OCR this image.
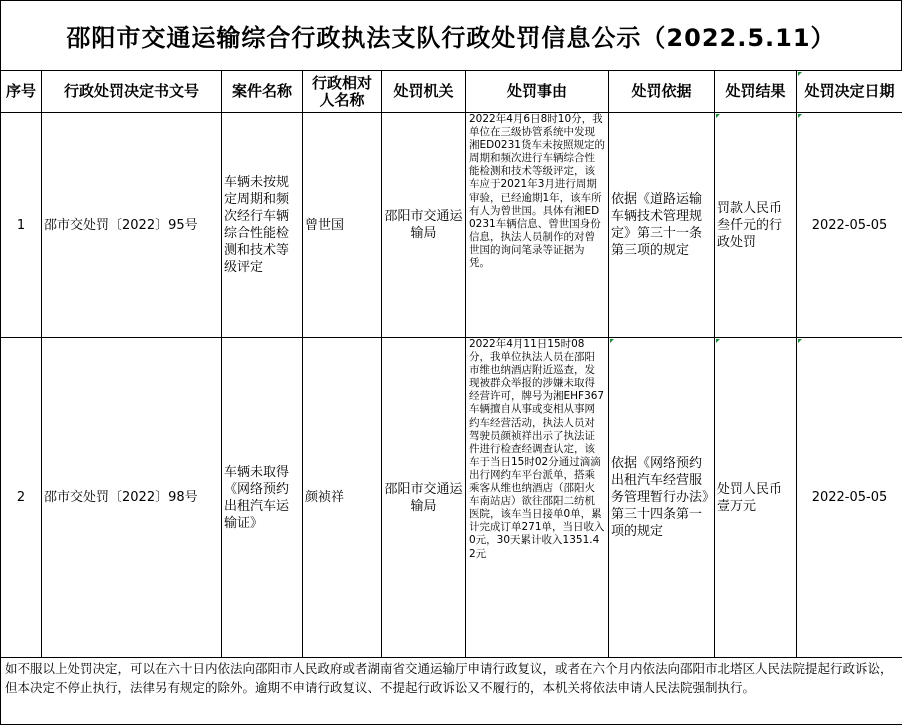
邵阳市交通运输综合行政执法支队行政处罚信息公示（2022.5.11）
序号	行政处罚决定书文号	案件名称	行政相对人名称	处罚机关	处罚事由	处罚依据	处罚结果	处罚决定日期
1	邵市交处罚〔2022〕95号	车辆未按规定周期和频次经行车辆综合性能检测和技术等级评定	曾世国	邵阳市交通运输局	2022年4月6日8时10分，我单位在三级协管系统中发现湘ED0231货车未按照规定的周期和频次进行车辆综合性能检测和技术等级评定，该车应于2021年3月进行周期审验，已经逾期1年，该车所有人为曾世国。具体有湘ED0231车辆信息、曾世国身份信息，执法人员制作的对曾世国的询问笔录等证据为凭。	依据《道路运输车辆技术管理规定》第三十一条第三项的规定	罚款人民币叁仟元的行政处罚	2022-05-05
2	邵市交处罚〔2022〕98号	车辆未取得《网络预约出租汽车运输证》	颜祯祥	邵阳市交通运输局	2022年4月11日15时08分，我单位执法人员在邵阳市维也纳酒店附近巡查，发现被群众举报的涉嫌未取得经营许可，牌号为湘EHF367车辆擅自从事或变相从事网约车经营活动，执法人员对驾驶员颜祯祥出示了执法证件进行检查经调查认定，该车于当日15时02分通过滴滴出行网约车平台派单，搭乘乘客从维也纳酒店（邵阳火车南站店）欲往邵阳二纺机医院，该车当日接单0单，累计完成订单271单，当日收入0元，30天累计收入1351.42元	依据《网络预约出租汽车经营服务管理暂行办法》第三十四条第一项的规定	处罚人民币壹万元	2022-05-05
如不服以上处罚决定，可以在六十日内依法向邵阳市人民政府或者湖南省交通运输厅申请行政复议，或者在六个月内依法向邵阳市北塔区人民法院提起行政诉讼，但本决定不停止执行，法律另有规定的除外。逾期不申请行政复议、不提起行政诉讼又不履行的，本机关将依法申请人民法院强制执行。								
